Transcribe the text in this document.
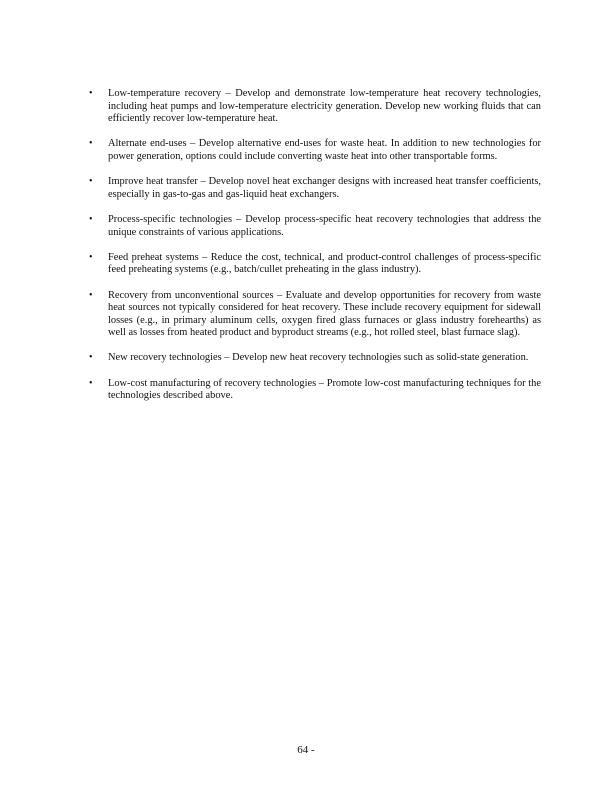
• Low-temperature recovery – Develop and demonstrate low-temperature heat recovery technologies, including heat pumps and low-temperature electricity generation. Develop new working fluids that can efficiently recover low-temperature heat.
• Alternate end-uses – Develop alternative end-uses for waste heat. In addition to new technologies for power generation, options could include converting waste heat into other transportable forms.
• Improve heat transfer – Develop novel heat exchanger designs with increased heat transfer coefficients, especially in gas-to-gas and gas-liquid heat exchangers.
• Process-specific technologies – Develop process-specific heat recovery technologies that address the unique constraints of various applications.
• Feed preheat systems – Reduce the cost, technical, and product-control challenges of process-specific feed preheating systems (e.g., batch/cullet preheating in the glass industry).
• Recovery from unconventional sources – Evaluate and develop opportunities for recovery from waste heat sources not typically considered for heat recovery. These include recovery equipment for sidewall losses (e.g., in primary aluminum cells, oxygen fired glass furnaces or glass industry forehearths) as well as losses from heated product and byproduct streams (e.g., hot rolled steel, blast furnace slag).
• New recovery technologies – Develop new heat recovery technologies such as solid-state generation.
• Low-cost manufacturing of recovery technologies – Promote low-cost manufacturing techniques for the technologies described above.
64 -
